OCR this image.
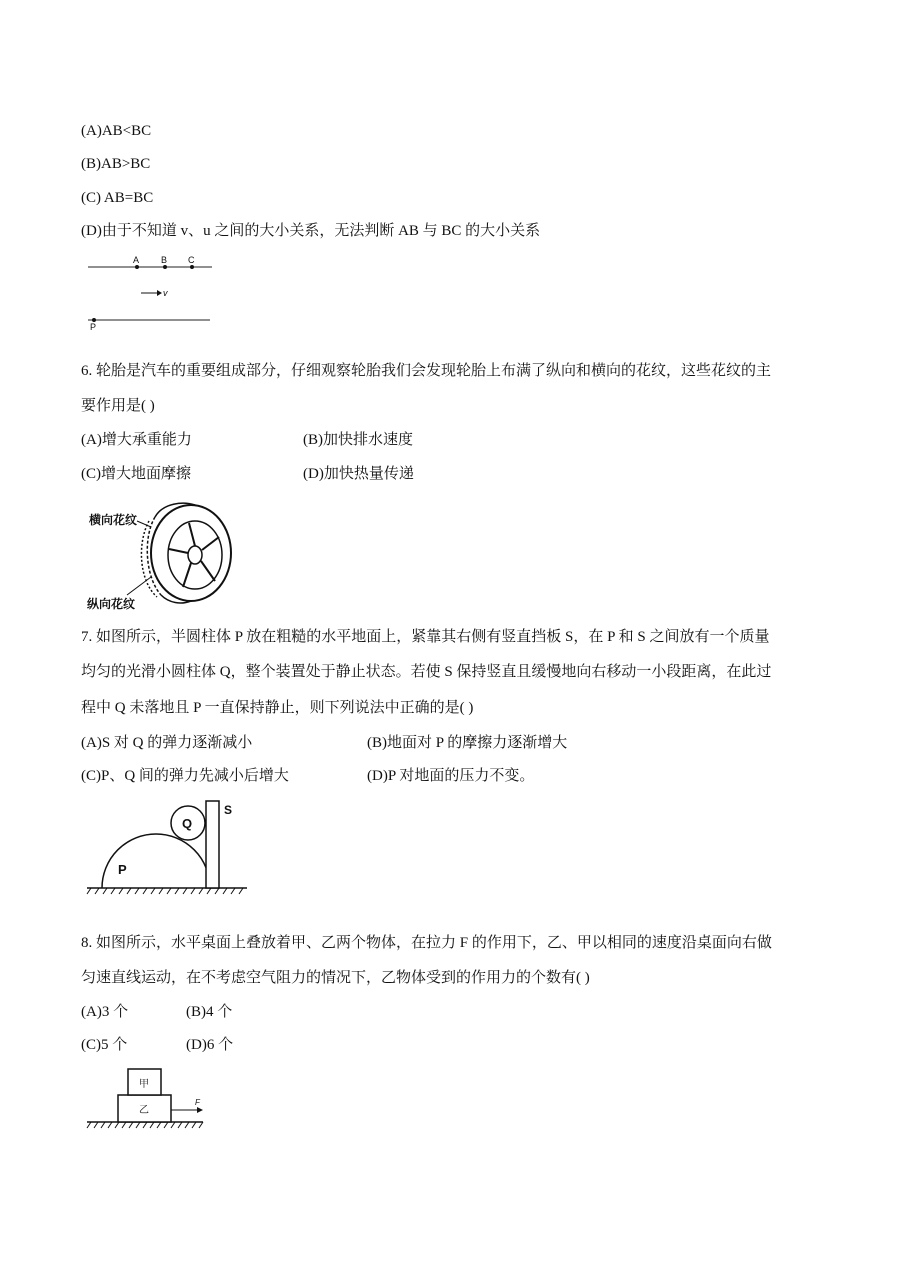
(A)AB<BC
(B)AB>BC
(C) AB=BC
(D)由于不知道 v、u 之间的大小关系，无法判断 AB 与 BC 的大小关系
A B C
v
P
6. 轮胎是汽车的重要组成部分，仔细观察轮胎我们会发现轮胎上布满了纵向和横向的花纹，这些花纹的主
要作用是( )
(A)增大承重能力	(B)加快排水速度
(C)增大地面摩擦	(D)加快热量传递
横向花纹
纵向花纹
7. 如图所示，半圆柱体 P 放在粗糙的水平地面上，紧靠其右侧有竖直挡板 S，在 P 和 S 之间放有一个质量
均匀的光滑小圆柱体 Q，整个装置处于静止状态。若使 S 保持竖直且缓慢地向右移动一小段距离，在此过
程中 Q 未落地且 P 一直保持静止，则下列说法中正确的是( )
(A)S 对 Q 的弹力逐渐减小	(B)地面对 P 的摩擦力逐渐增大
(C)P、Q 间的弹力先减小后增大	(D)P 对地面的压力不变。
P
Q
S
8. 如图所示，水平桌面上叠放着甲、乙两个物体，在拉力 F 的作用下，乙、甲以相同的速度沿桌面向右做
匀速直线运动，在不考虑空气阻力的情况下，乙物体受到的作用力的个数有( )
(A)3 个	(B)4 个
(C)5 个	(D)6 个
甲
乙
F
